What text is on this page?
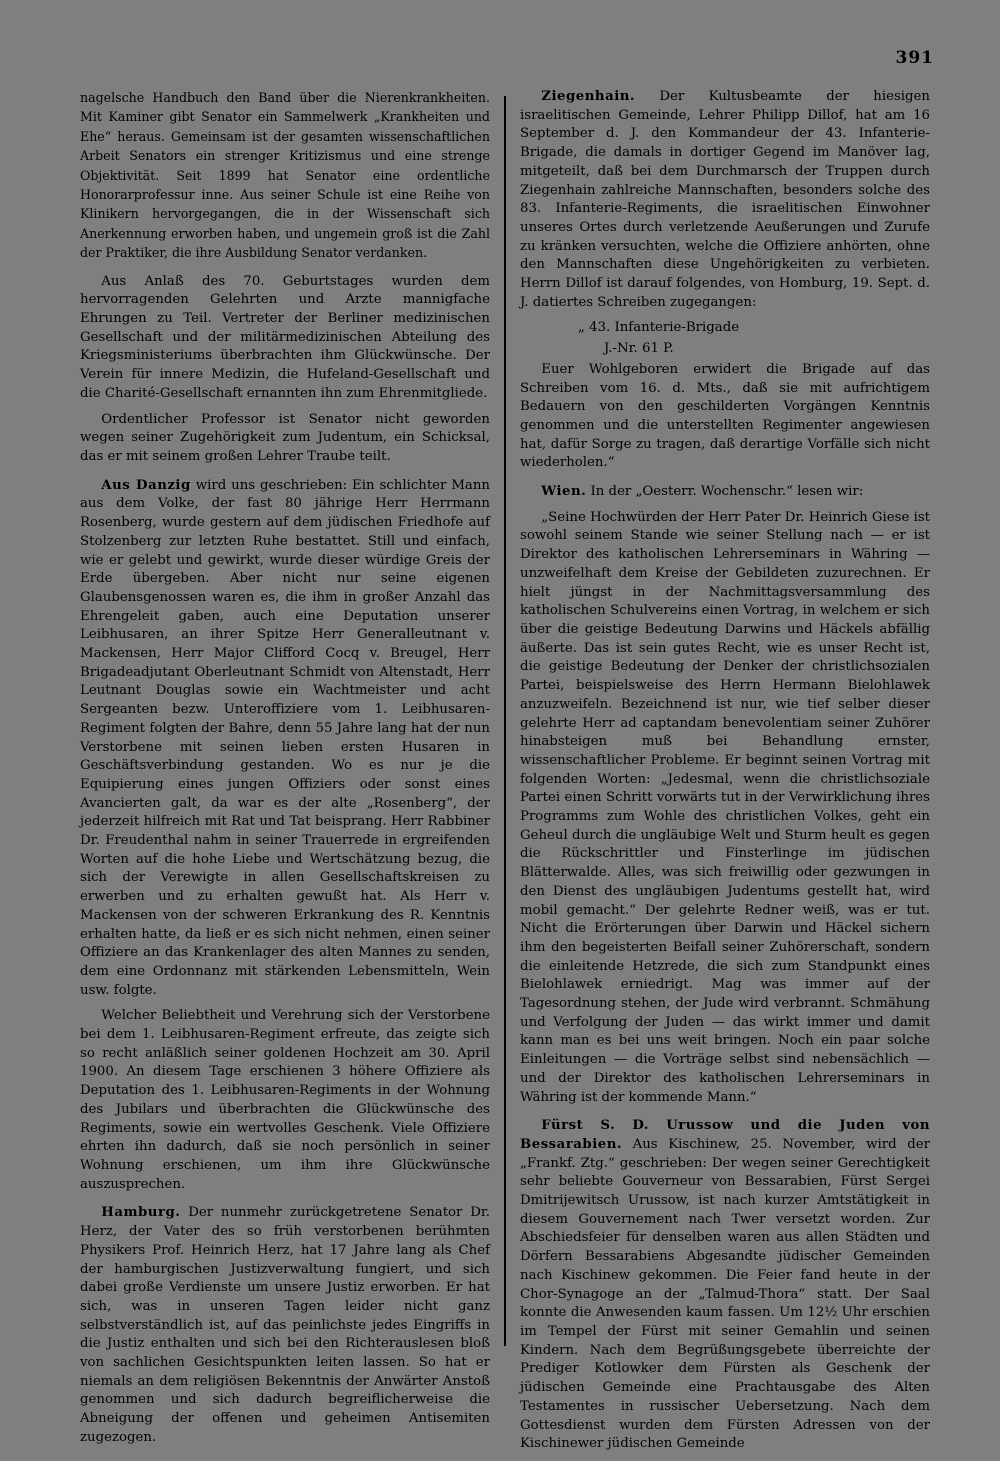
391

nagelsche Handbuch den Band über die Nierenkrankheiten. Mit Kaminer gibt Senator ein Sammelwerk „Krankheiten und Ehe“ heraus. Gemeinsam ist der gesamten wissenschaftlichen Arbeit Senators ein strenger Kritizismus und eine strenge Objektivität. Seit 1899 hat Senator eine ordentliche Honorarprofessur inne. Aus seiner Schule ist eine Reihe von Klinikern hervorgegangen, die in der Wissenschaft sich Anerkennung erworben haben, und ungemein groß ist die Zahl der Praktiker, die ihre Ausbildung Senator verdanken.

Aus Anlaß des 70. Geburtstages wurden dem hervorragenden Gelehrten und Arzte mannigfache Ehrungen zu Teil. Vertreter der Berliner medizinischen Gesellschaft und der militärmedizinischen Abteilung des Kriegsministeriums überbrachten ihm Glückwünsche. Der Verein für innere Medizin, die Hufeland-Gesellschaft und die Charité-Gesellschaft ernannten ihn zum Ehrenmitgliede.

Ordentlicher Professor ist Senator nicht geworden wegen seiner Zugehörigkeit zum Judentum, ein Schicksal, das er mit seinem großen Lehrer Traube teilt.

Aus Danzig wird uns geschrieben: Ein schlichter Mann aus dem Volke, der fast 80 jährige Herr Herrmann Rosenberg, wurde gestern auf dem jüdischen Friedhofe auf Stolzenberg zur letzten Ruhe bestattet. Still und einfach, wie er gelebt und gewirkt, wurde dieser würdige Greis der Erde übergeben. Aber nicht nur seine eigenen Glaubensgenossen waren es, die ihm in großer Anzahl das Ehrengeleit gaben, auch eine Deputation unserer Leibhusaren, an ihrer Spitze Herr Generalleutnant v. Mackensen, Herr Major Clifford Cocq v. Breugel, Herr Brigadeadjutant Oberleutnant Schmidt von Altenstadt, Herr Leutnant Douglas sowie ein Wachtmeister und acht Sergeanten bezw. Unteroffiziere vom 1. Leibhusaren-Regiment folgten der Bahre, denn 55 Jahre lang hat der nun Verstorbene mit seinen lieben ersten Husaren in Geschäftsverbindung gestanden. Wo es nur je die Equipierung eines jungen Offiziers oder sonst eines Avancierten galt, da war es der alte „Rosenberg“, der jederzeit hilfreich mit Rat und Tat beisprang. Herr Rabbiner Dr. Freudenthal nahm in seiner Trauerrede in ergreifenden Worten auf die hohe Liebe und Wertschätzung bezug, die sich der Verewigte in allen Gesellschaftskreisen zu erwerben und zu erhalten gewußt hat. Als Herr v. Mackensen von der schweren Erkrankung des R. Kenntnis erhalten hatte, da ließ er es sich nicht nehmen, einen seiner Offiziere an das Krankenlager des alten Mannes zu senden, dem eine Ordonnanz mit stärkenden Lebensmitteln, Wein usw. folgte.

Welcher Beliebtheit und Verehrung sich der Verstorbene bei dem 1. Leibhusaren-Regiment erfreute, das zeigte sich so recht anläßlich seiner goldenen Hochzeit am 30. April 1900. An diesem Tage erschienen 3 höhere Offiziere als Deputation des 1. Leibhusaren-Regiments in der Wohnung des Jubilars und überbrachten die Glückwünsche des Regiments, sowie ein wertvolles Geschenk. Viele Offiziere ehrten ihn dadurch, daß sie noch persönlich in seiner Wohnung erschienen, um ihm ihre Glückwünsche auszusprechen.

Hamburg. Der nunmehr zurückgetretene Senator Dr. Herz, der Vater des so früh verstorbenen berühmten Physikers Prof. Heinrich Herz, hat 17 Jahre lang als Chef der hamburgischen Justizverwaltung fungiert, und sich dabei große Verdienste um unsere Justiz erworben. Er hat sich, was in unseren Tagen leider nicht ganz selbstverständlich ist, auf das peinlichste jedes Eingriffs in die Justiz enthalten und sich bei den Richterauslesen bloß von sachlichen Gesichtspunkten leiten lassen. So hat er niemals an dem religiösen Bekenntnis der Anwärter Anstoß genommen und sich dadurch begreiflicherweise die Abneigung der offenen und geheimen Antisemiten zugezogen.

Ziegenhain. Der Kultusbeamte der hiesigen israelitischen Gemeinde, Lehrer Philipp Dillof, hat am 16 September d. J. den Kommandeur der 43. Infanterie-Brigade, die damals in dortiger Gegend im Manöver lag, mitgeteilt, daß bei dem Durchmarsch der Truppen durch Ziegenhain zahlreiche Mannschaften, besonders solche des 83. Infanterie-Regiments, die israelitischen Einwohner unseres Ortes durch verletzende Aeußerungen und Zurufe zu kränken versuchten, welche die Offiziere anhörten, ohne den Mannschaften diese Ungehörigkeiten zu verbieten. Herrn Dillof ist darauf folgendes, von Homburg, 19. Sept. d. J. datiertes Schreiben zugegangen:

„ 43. Infanterie-Brigade
J.-Nr. 61 P.

Euer Wohlgeboren erwidert die Brigade auf das Schreiben vom 16. d. Mts., daß sie mit aufrichtigem Bedauern von den geschilderten Vorgängen Kenntnis genommen und die unterstellten Regimenter angewiesen hat, dafür Sorge zu tragen, daß derartige Vorfälle sich nicht wiederholen.“

Wien. In der „Oesterr. Wochenschr.“ lesen wir:

„Seine Hochwürden der Herr Pater Dr. Heinrich Giese ist sowohl seinem Stande wie seiner Stellung nach — er ist Direktor des katholischen Lehrerseminars in Währing — unzweifelhaft dem Kreise der Gebildeten zuzurechnen. Er hielt jüngst in der Nachmittagsversammlung des katholischen Schulvereins einen Vortrag, in welchem er sich über die geistige Bedeutung Darwins und Häckels abfällig äußerte. Das ist sein gutes Recht, wie es unser Recht ist, die geistige Bedeutung der Denker der christlichsozialen Partei, beispielsweise des Herrn Hermann Bielohlawek anzuzweifeln. Bezeichnend ist nur, wie tief selber dieser gelehrte Herr ad captandam benevolentiam seiner Zuhörer hinabsteigen muß bei Behandlung ernster, wissenschaftlicher Probleme. Er beginnt seinen Vortrag mit folgenden Worten: „Jedesmal, wenn die christlichsoziale Partei einen Schritt vorwärts tut in der Verwirklichung ihres Programms zum Wohle des christlichen Volkes, geht ein Geheul durch die ungläubige Welt und Sturm heult es gegen die Rückschrittler und Finsterlinge im jüdischen Blätterwalde. Alles, was sich freiwillig oder gezwungen in den Dienst des ungläubigen Judentums gestellt hat, wird mobil gemacht.“ Der gelehrte Redner weiß, was er tut. Nicht die Erörterungen über Darwin und Häckel sichern ihm den begeisterten Beifall seiner Zuhörerschaft, sondern die einleitende Hetzrede, die sich zum Standpunkt eines Bielohlawek erniedrigt. Mag was immer auf der Tagesordnung stehen, der Jude wird verbrannt. Schmähung und Verfolgung der Juden — das wirkt immer und damit kann man es bei uns weit bringen. Noch ein paar solche Einleitungen — die Vorträge selbst sind nebensächlich — und der Direktor des katholischen Lehrerseminars in Währing ist der kommende Mann.“

Fürst S. D. Urussow und die Juden von Bessarabien. Aus Kischinew, 25. November, wird der „Frankf. Ztg.“ geschrieben: Der wegen seiner Gerechtigkeit sehr beliebte Gouverneur von Bessarabien, Fürst Sergei Dmitrijewitsch Urussow, ist nach kurzer Amtstätigkeit in diesem Gouvernement nach Twer versetzt worden. Zur Abschiedsfeier für denselben waren aus allen Städten und Dörfern Bessarabiens Abgesandte jüdischer Gemeinden nach Kischinew gekommen. Die Feier fand heute in der Chor-Synagoge an der „Talmud-Thora“ statt. Der Saal konnte die Anwesenden kaum fassen. Um 12½ Uhr erschien im Tempel der Fürst mit seiner Gemahlin und seinen Kindern. Nach dem Begrüßungsgebete überreichte der Prediger Kotlowker dem Fürsten als Geschenk der jüdischen Gemeinde eine Prachtausgabe des Alten Testamentes in russischer Uebersetzung. Nach dem Gottesdienst wurden dem Fürsten Adressen von der Kischinewer jüdischen Gemeinde
